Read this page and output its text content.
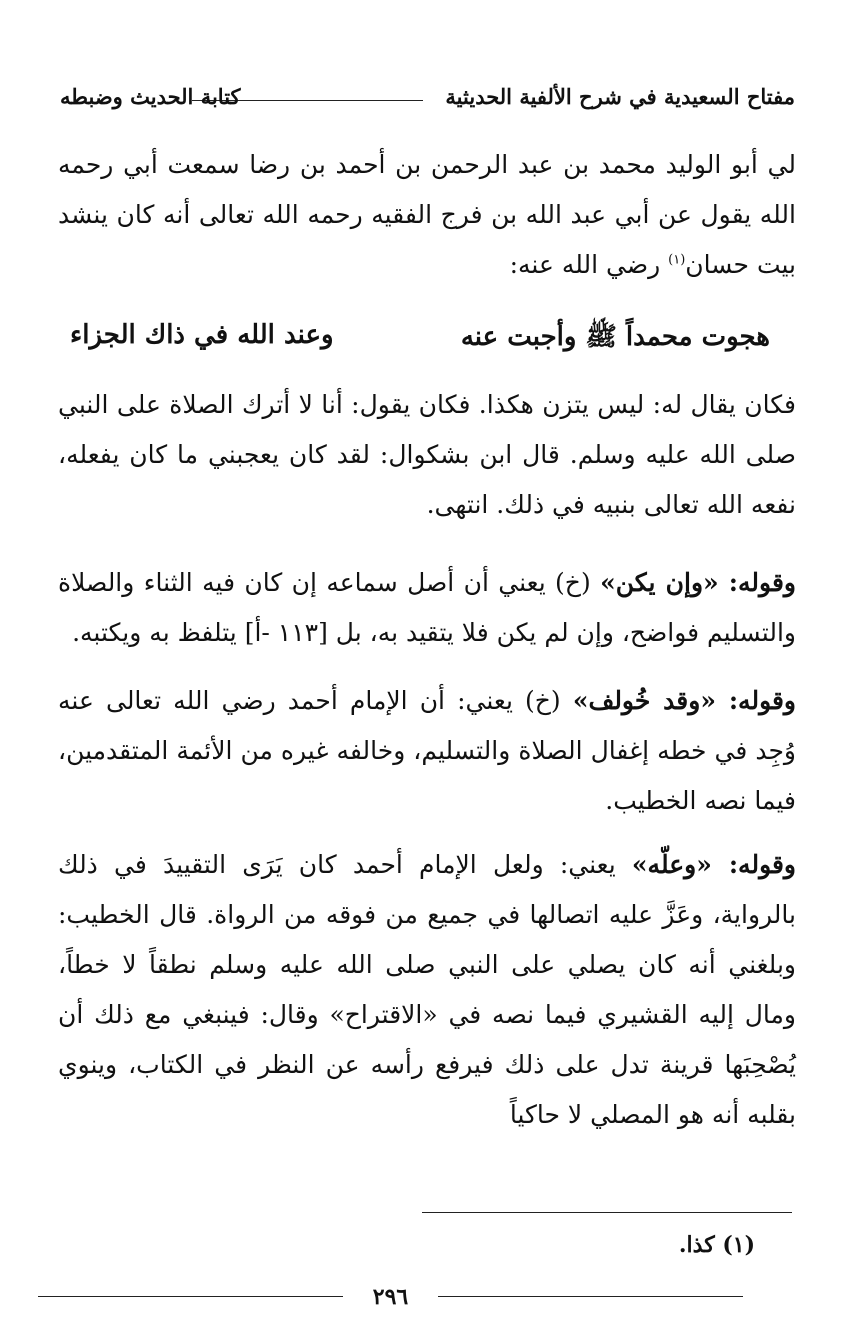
مفتاح السعيدية في شرح الألفية الحديثية
كتابة الحديث وضبطه

لي أبو الوليد محمد بن عبد الرحمن بن أحمد بن رضا سمعت أبي رحمه الله يقول عن أبي عبد الله بن فرج الفقيه رحمه الله تعالى أنه كان ينشد بيت حسان$^{(١)}$ رضي الله عنه:

هجوت محمداً ﷺ وأجبت عنه
وعند الله في ذاك الجزاء

فكان يقال له: ليس يتزن هكذا. فكان يقول: أنا لا أترك الصلاة على النبي صلى الله عليه وسلم. قال ابن بشكوال: لقد كان يعجبني ما كان يفعله، نفعه الله تعالى بنبيه في ذلك. انتهى.

وقوله: «وإن يكن» (خ) يعني أن أصل سماعه إن كان فيه الثناء والصلاة والتسليم فواضح، وإن لم يكن فلا يتقيد به، بل [١١٣ -أ] يتلفظ به ويكتبه.

وقوله: «وقد خُولف» (خ) يعني: أن الإمام أحمد رضي الله تعالى عنه وُجِد في خطه إغفال الصلاة والتسليم، وخالفه غيره من الأئمة المتقدمين، فيما نصه الخطيب.

وقوله: «وعلّه» يعني: ولعل الإمام أحمد كان يَرَى التقييدَ في ذلك بالرواية، وعَزَّ عليه اتصالها في جميع من فوقه من الرواة. قال الخطيب: وبلغني أنه كان يصلي على النبي صلى الله عليه وسلم نطقاً لا خطاً، ومال إليه القشيري فيما نصه في «الاقتراح» وقال: فينبغي مع ذلك أن يُصْحِبَها قرينة تدل على ذلك فيرفع رأسه عن النظر في الكتاب، وينوي بقلبه أنه هو المصلي لا حاكياً

(١) كذا.
٢٩٦
